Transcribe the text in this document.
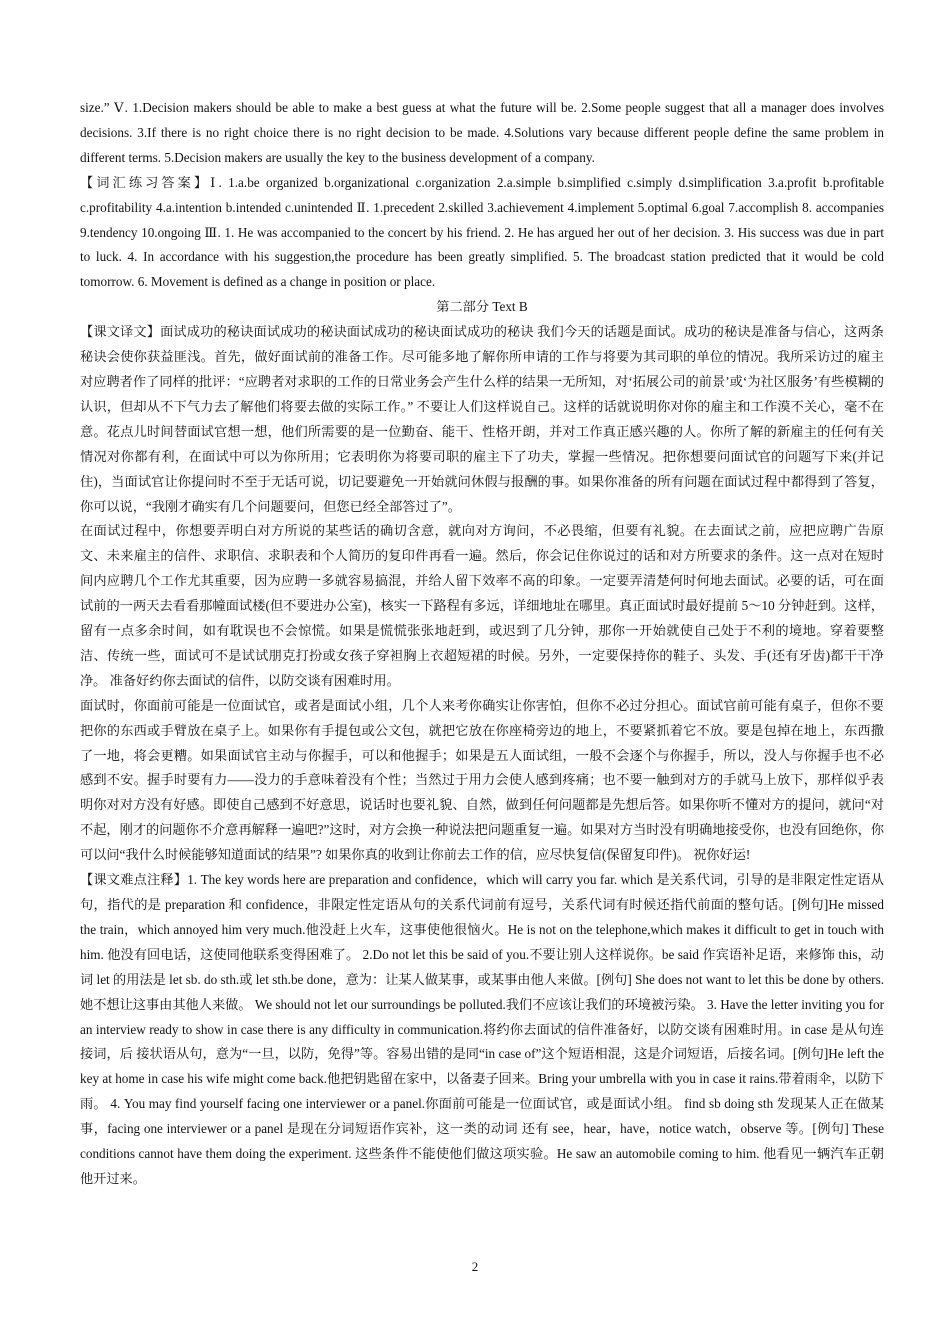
size.” Ⅴ. 1.Decision makers should be able to make a best guess at what the future will be. 2.Some people suggest that all a manager does involves decisions. 3.If there is no right choice there is no right decision to be made. 4.Solutions vary because different people define the same problem in different terms. 5.Decision makers are usually the key to the business development of a company.

【词汇练习答案】Ⅰ. 1.a.be organized b.organizational c.organization 2.a.simple b.simplified c.simply d.simplification 3.a.profit b.profitable c.profitability 4.a.intention b.intended c.unintended Ⅱ. 1.precedent 2.skilled 3.achievement 4.implement 5.optimal 6.goal 7.accomplish 8. accompanies 9.tendency 10.ongoing Ⅲ. 1. He was accompanied to the concert by his friend. 2. He has argued her out of her decision. 3. His success was due in part to luck. 4. In accordance with his suggestion,the procedure has been greatly simplified. 5. The broadcast station predicted that it would be cold tomorrow. 6. Movement is defined as a change in position or place.

第二部分 Text B

【课文译文】面试成功的秘诀面试成功的秘诀面试成功的秘诀面试成功的秘诀 我们今天的话题是面试。成功的秘诀是准备与信心，这两条秘诀会使你获益匪浅。首先，做好面试前的准备工作。尽可能多地了解你所申请的工作与将要为其司职的单位的情况。我所采访过的雇主对应聘者作了同样的批评：“应聘者对求职的工作的日常业务会产生什么样的结果一无所知，对‘拓展公司的前景’或‘为社区服务’有些模糊的认识，但却从不下气力去了解他们将要去做的实际工作。” 不要让人们这样说自己。这样的话就说明你对你的雇主和工作漠不关心，毫不在意。花点儿时间替面试官想一想，他们所需要的是一位勤奋、能干、性格开朗，并对工作真正感兴趣的人。你所了解的新雇主的任何有关情况对你都有利，在面试中可以为你所用；它表明你为将要司职的雇主下了功夫，掌握一些情况。把你想要问面试官的问题写下来(并记住)，当面试官让你提问时不至于无话可说，切记要避免一开始就问休假与报酬的事。如果你准备的所有问题在面试过程中都得到了答复，你可以说，“我刚才确实有几个问题要问，但您已经全部答过了”。

在面试过程中，你想要弄明白对方所说的某些话的确切含意，就向对方询问，不必畏缩，但要有礼貌。在去面试之前，应把应聘广告原文、未来雇主的信件、求职信、求职表和个人简历的复印件再看一遍。然后，你会记住你说过的话和对方所要求的条件。这一点对在短时间内应聘几个工作尤其重要，因为应聘一多就容易搞混，并给人留下效率不高的印象。一定要弄清楚何时何地去面试。必要的话，可在面试前的一两天去看看那幢面试楼(但不要进办公室)，核实一下路程有多远，详细地址在哪里。真正面试时最好提前 5～10 分钟赶到。这样，留有一点多余时间，如有耽误也不会惊慌。如果是慌慌张张地赶到，或迟到了几分钟，那你一开始就使自己处于不利的境地。穿着要整洁、传统一些，面试可不是试试朋克打扮或女孩子穿袒胸上衣超短裙的时候。另外，一定要保持你的鞋子、头发、手(还有牙齿)都干干净净。 准备好约你去面试的信件，以防交谈有困难时用。

面试时，你面前可能是一位面试官，或者是面试小组，几个人来考你确实让你害怕，但你不必过分担心。面试官前可能有桌子，但你不要把你的东西或手臂放在桌子上。如果你有手提包或公文包，就把它放在你座椅旁边的地上，不要紧抓着它不放。要是包掉在地上，东西撒了一地，将会更糟。如果面试官主动与你握手，可以和他握手；如果是五人面试组，一般不会逐个与你握手，所以，没人与你握手也不必感到不安。握手时要有力——没力的手意味着没有个性；当然过于用力会使人感到疼痛；也不要一触到对方的手就马上放下，那样似乎表明你对对方没有好感。即使自己感到不好意思，说话时也要礼貌、自然，做到任何问题都是先想后答。如果你听不懂对方的提问，就问“对不起，刚才的问题你不介意再解释一遍吧?”这时，对方会换一种说法把问题重复一遍。如果对方当时没有明确地接受你，也没有回绝你，你可以问“我什么时候能够知道面试的结果”? 如果你真的收到让你前去工作的信，应尽快复信(保留复印件)。 祝你好运!

【课文难点注释】1. The key words here are preparation and confidence，which will carry you far. which 是关系代词，引导的是非限定性定语从句，指代的是 preparation 和 confidence，非限定性定语从句的关系代词前有逗号，关系代词有时候还指代前面的整句话。[例句]He missed the train，which annoyed him very much.他没赶上火车，这事使他很恼火。He is not on the telephone,which makes it difficult to get in touch with him. 他没有回电话，这使同他联系变得困难了。 2.Do not let this be said of you.不要让别人这样说你。be said 作宾语补足语，来修饰 this，动词 let 的用法是 let sb. do sth.或 let sth.be done，意为：让某人做某事，或某事由他人来做。[例句] She does not want to let this be done by others.她不想让这事由其他人来做。 We should not let our surroundings be polluted.我们不应该让我们的环境被污染。 3. Have the letter inviting you for an interview ready to show in case there is any difficulty in communication.将约你去面试的信件准备好，以防交谈有困难时用。in case 是从句连接词，后 接状语从句，意为“一旦，以防，免得”等。容易出错的是同“in case of”这个短语相混，这是介词短语，后接名词。[例句]He left the key at home in case his wife might come back.他把钥匙留在家中，以备妻子回来。Bring your umbrella with you in case it rains.带着雨伞，以防下雨。 4. You may find yourself facing one interviewer or a panel.你面前可能是一位面试官，或是面试小组。 find sb doing sth 发现某人正在做某事，facing one interviewer or a panel 是现在分词短语作宾补，这一类的动词 还有 see，hear，have，notice watch，observe 等。[例句] These conditions cannot have them doing the experiment. 这些条件不能使他们做这项实验。He saw an automobile coming to him. 他看见一辆汽车正朝他开过来。

2
